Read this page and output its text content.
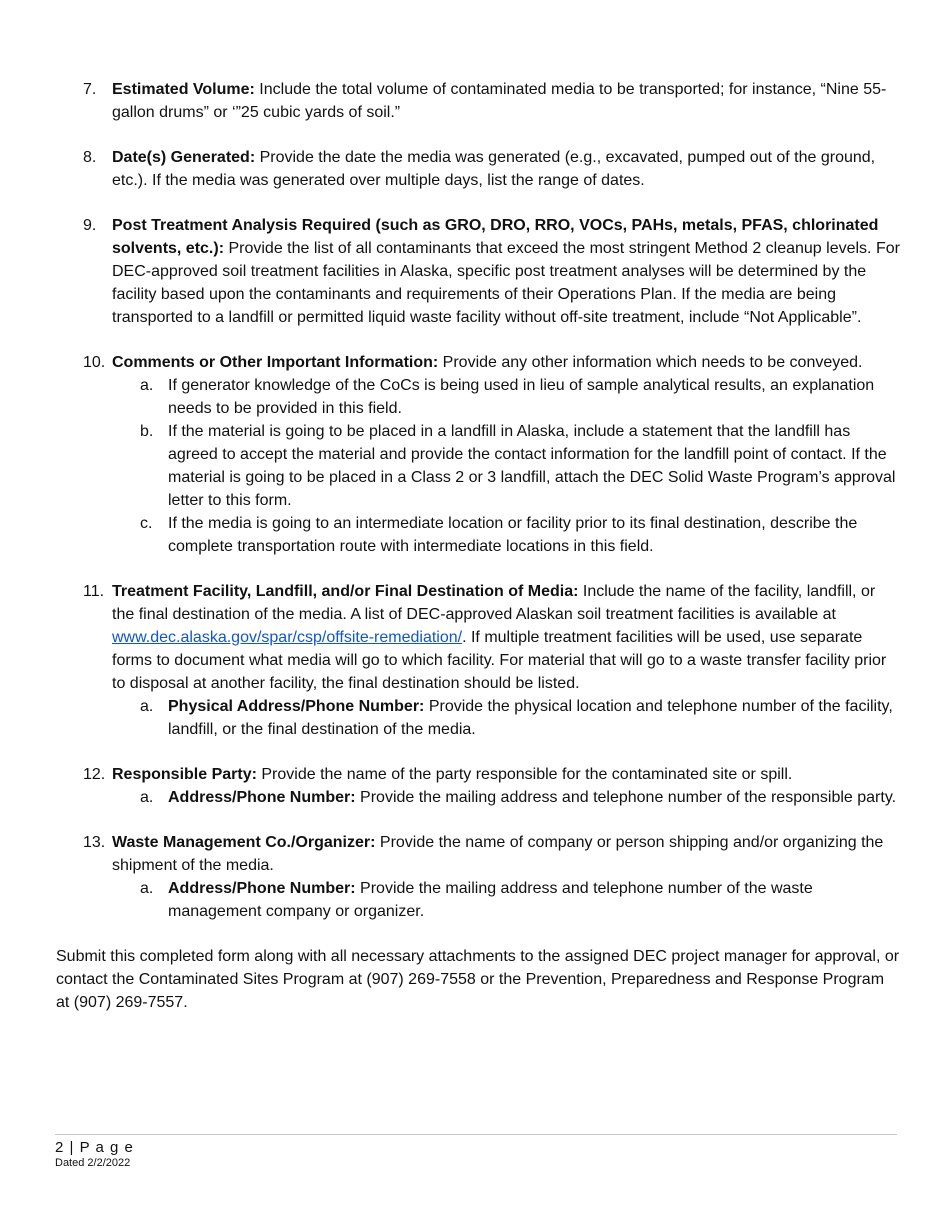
7. Estimated Volume: Include the total volume of contaminated media to be transported; for instance, “Nine 55-gallon drums” or ‘”25 cubic yards of soil.”
8. Date(s) Generated: Provide the date the media was generated (e.g., excavated, pumped out of the ground, etc.). If the media was generated over multiple days, list the range of dates.
9. Post Treatment Analysis Required (such as GRO, DRO, RRO, VOCs, PAHs, metals, PFAS, chlorinated solvents, etc.): Provide the list of all contaminants that exceed the most stringent Method 2 cleanup levels. For DEC-approved soil treatment facilities in Alaska, specific post treatment analyses will be determined by the facility based upon the contaminants and requirements of their Operations Plan. If the media are being transported to a landfill or permitted liquid waste facility without off-site treatment, include “Not Applicable”.
10. Comments or Other Important Information: Provide any other information which needs to be conveyed.
a. If generator knowledge of the CoCs is being used in lieu of sample analytical results, an explanation needs to be provided in this field.
b. If the material is going to be placed in a landfill in Alaska, include a statement that the landfill has agreed to accept the material and provide the contact information for the landfill point of contact. If the material is going to be placed in a Class 2 or 3 landfill, attach the DEC Solid Waste Program’s approval letter to this form.
c. If the media is going to an intermediate location or facility prior to its final destination, describe the complete transportation route with intermediate locations in this field.
11. Treatment Facility, Landfill, and/or Final Destination of Media: Include the name of the facility, landfill, or the final destination of the media. A list of DEC-approved Alaskan soil treatment facilities is available at www.dec.alaska.gov/spar/csp/offsite-remediation/. If multiple treatment facilities will be used, use separate forms to document what media will go to which facility. For material that will go to a waste transfer facility prior to disposal at another facility, the final destination should be listed.
a. Physical Address/Phone Number: Provide the physical location and telephone number of the facility, landfill, or the final destination of the media.
12. Responsible Party: Provide the name of the party responsible for the contaminated site or spill.
a. Address/Phone Number: Provide the mailing address and telephone number of the responsible party.
13. Waste Management Co./Organizer: Provide the name of company or person shipping and/or organizing the shipment of the media.
a. Address/Phone Number: Provide the mailing address and telephone number of the waste management company or organizer.

Submit this completed form along with all necessary attachments to the assigned DEC project manager for approval, or contact the Contaminated Sites Program at (907) 269-7558 or the Prevention, Preparedness and Response Program at (907) 269-7557.

2 | P a g e
Dated 2/2/2022
